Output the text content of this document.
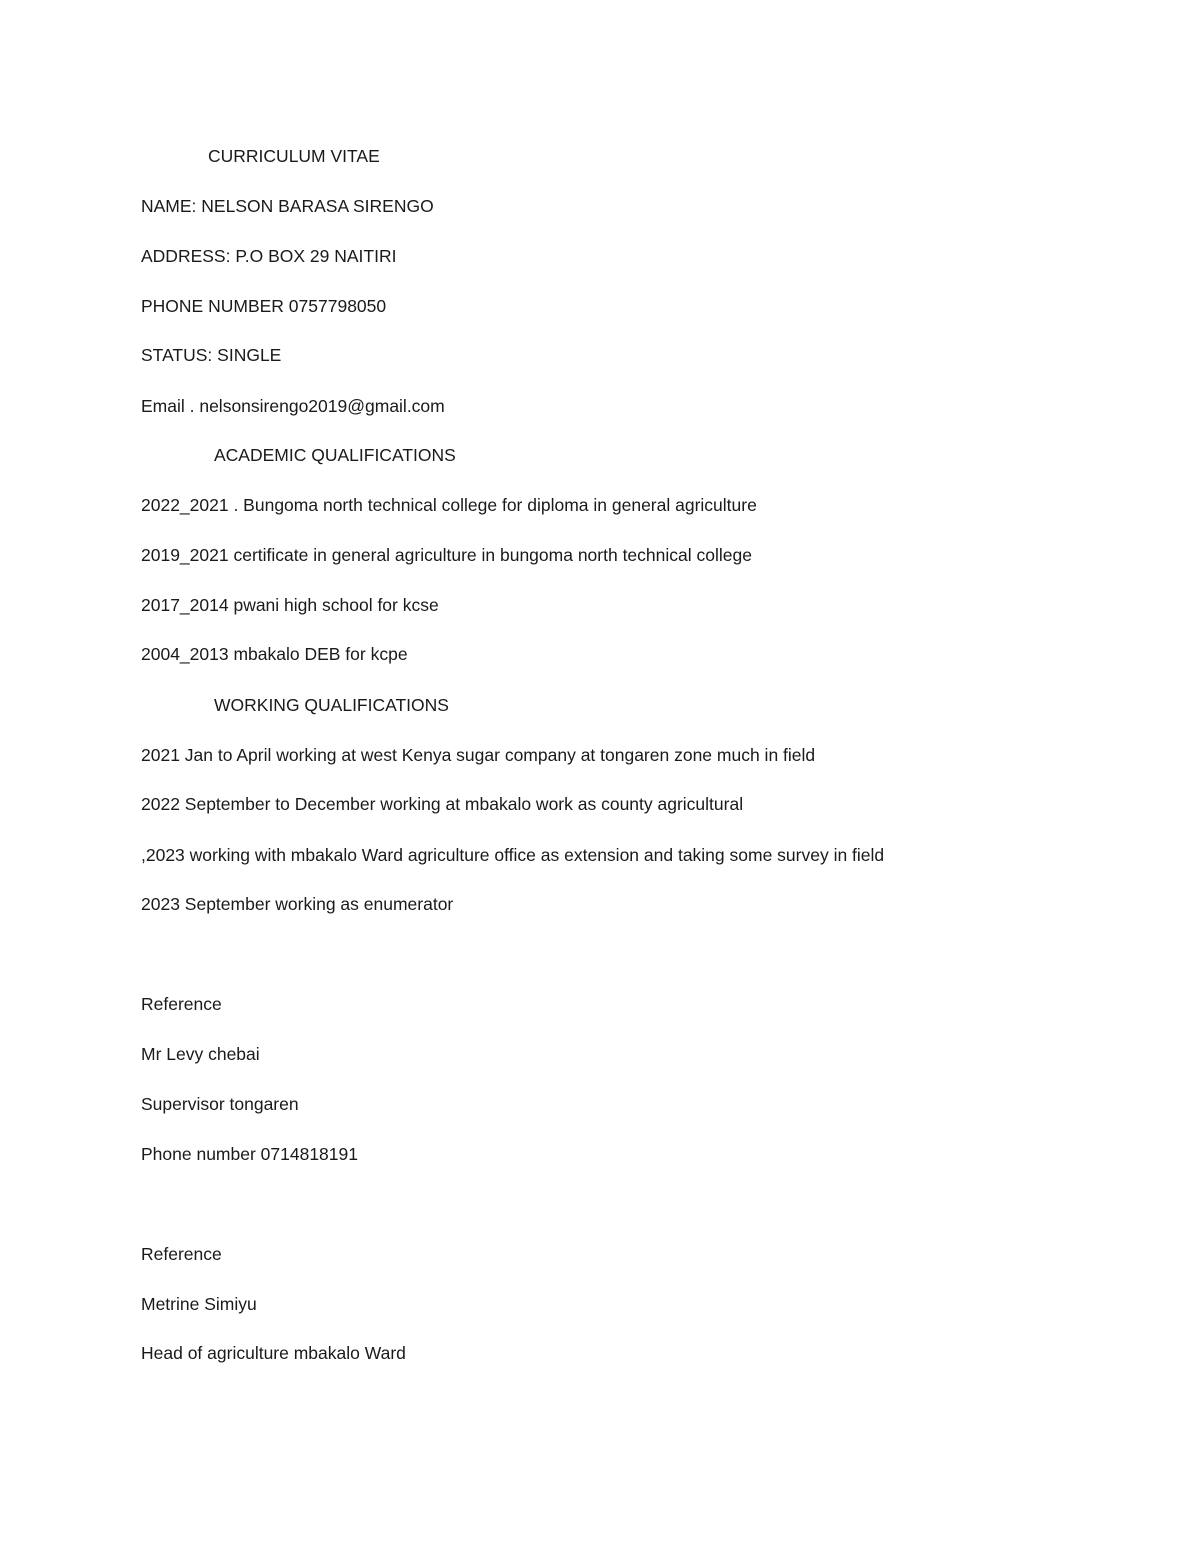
CURRICULUM VITAE

NAME: NELSON BARASA SIRENGO

ADDRESS: P.O BOX 29 NAITIRI

PHONE NUMBER 0757798050

STATUS: SINGLE

Email . nelsonsirengo2019@gmail.com

ACADEMIC QUALIFICATIONS

2022_2021 . Bungoma north technical college for diploma in general agriculture

2019_2021 certificate in general agriculture in bungoma north technical college

2017_2014 pwani high school for kcse

2004_2013 mbakalo DEB for kcpe

WORKING QUALIFICATIONS

2021 Jan to April working at west Kenya sugar company at tongaren zone much in field

2022 September to December working at mbakalo work as county agricultural

,2023 working with mbakalo Ward agriculture office as extension and taking some survey in field

2023 September working as enumerator

Reference

Mr Levy chebai

Supervisor tongaren

Phone number 0714818191

Reference

Metrine Simiyu

Head of agriculture mbakalo Ward
